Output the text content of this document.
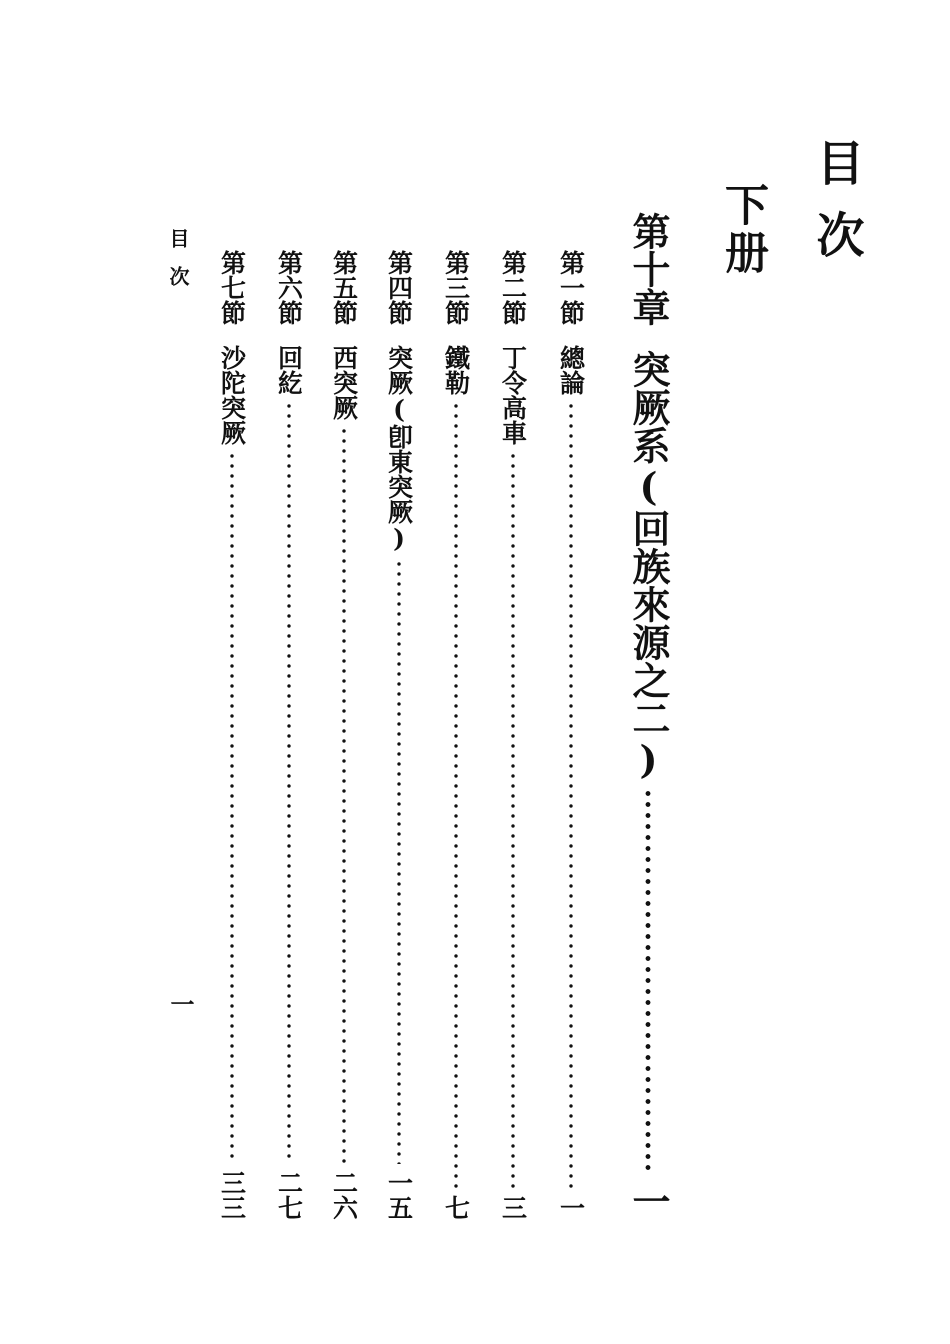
目次
下册
第十章
突厥系(回族來源之二)
一
第一節
總論
一
第二節
丁令高車
三
第三節
鐵勒
七
第四節
突厥(卽東突厥)
一五
第五節
西突厥
二六
第六節
回紇
二七
第七節
沙陀突厥
三三
目次
一
